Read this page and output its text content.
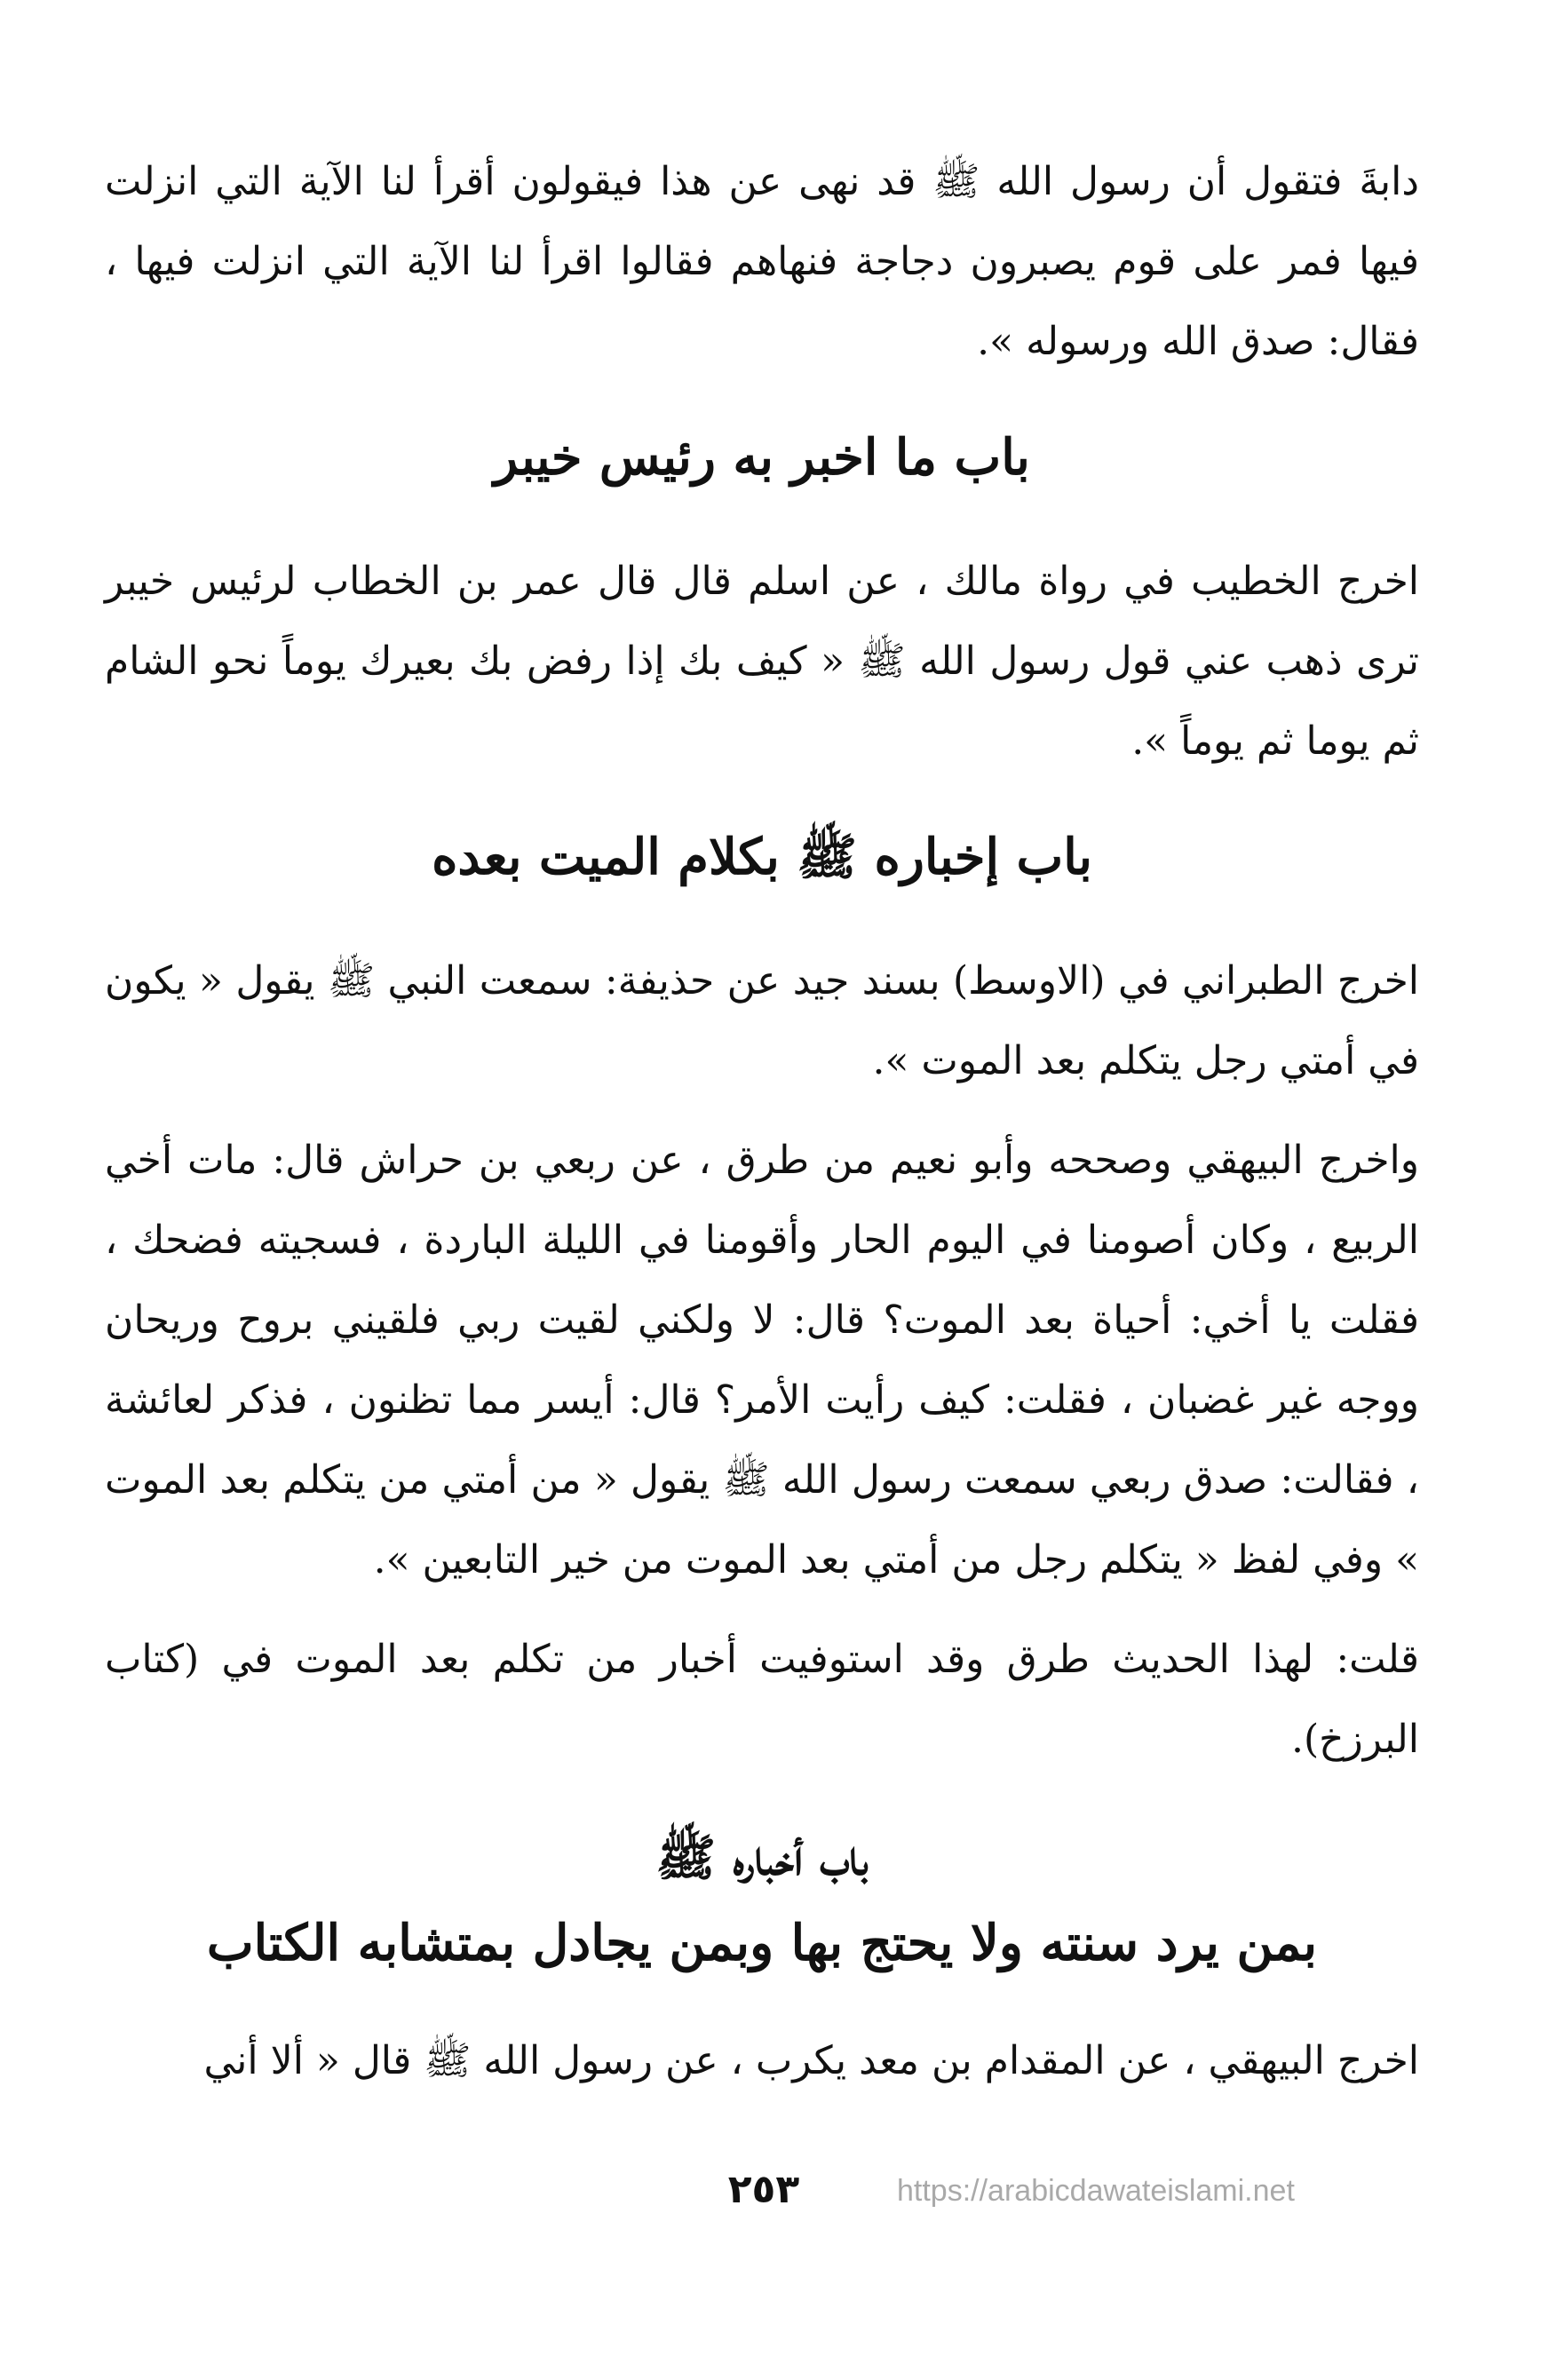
دابةَ فتقول أن رسول الله ﷺ قد نهى عن هذا فيقولون أقرأ لنا الآية التي انزلت فيها فمر على قوم يصبرون دجاجة فنهاهم فقالوا اقرأ لنا الآية التي انزلت فيها ، فقال: صدق الله ورسوله ».

باب ما اخبر به رئيس خيبر

اخرج الخطيب في رواة مالك ، عن اسلم قال قال عمر بن الخطاب لرئيس خيبر ترى ذهب عني قول رسول الله ﷺ « كيف بك إذا رفض بك بعيرك يوماً نحو الشام ثم يوما ثم يوماً ».

باب إخباره ﷺ بكلام الميت بعده

اخرج الطبراني في (الاوسط) بسند جيد عن حذيفة: سمعت النبي ﷺ يقول « يكون في أمتي رجل يتكلم بعد الموت ».

واخرج البيهقي وصححه وأبو نعيم من طرق ، عن ربعي بن حراش قال: مات أخي الربيع ، وكان أصومنا في اليوم الحار وأقومنا في الليلة الباردة ، فسجيته فضحك ، فقلت يا أخي: أحياة بعد الموت؟ قال: لا ولكني لقيت ربي فلقيني بروح وريحان ووجه غير غضبان ، فقلت: كيف رأيت الأمر؟ قال: أيسر مما تظنون ، فذكر لعائشة ، فقالت: صدق ربعي سمعت رسول الله ﷺ يقول « من أمتي من يتكلم بعد الموت » وفي لفظ « يتكلم رجل من أمتي بعد الموت من خير التابعين ».

قلت: لهذا الحديث طرق وقد استوفيت أخبار من تكلم بعد الموت في (كتاب البرزخ).

باب أخباره ﷺ
بمن يرد سنته ولا يحتج بها وبمن يجادل بمتشابه الكتاب

اخرج البيهقي ، عن المقدام بن معد يكرب ، عن رسول الله ﷺ قال « ألا أني

٢٥٣	https://arabicdawateislami.net
